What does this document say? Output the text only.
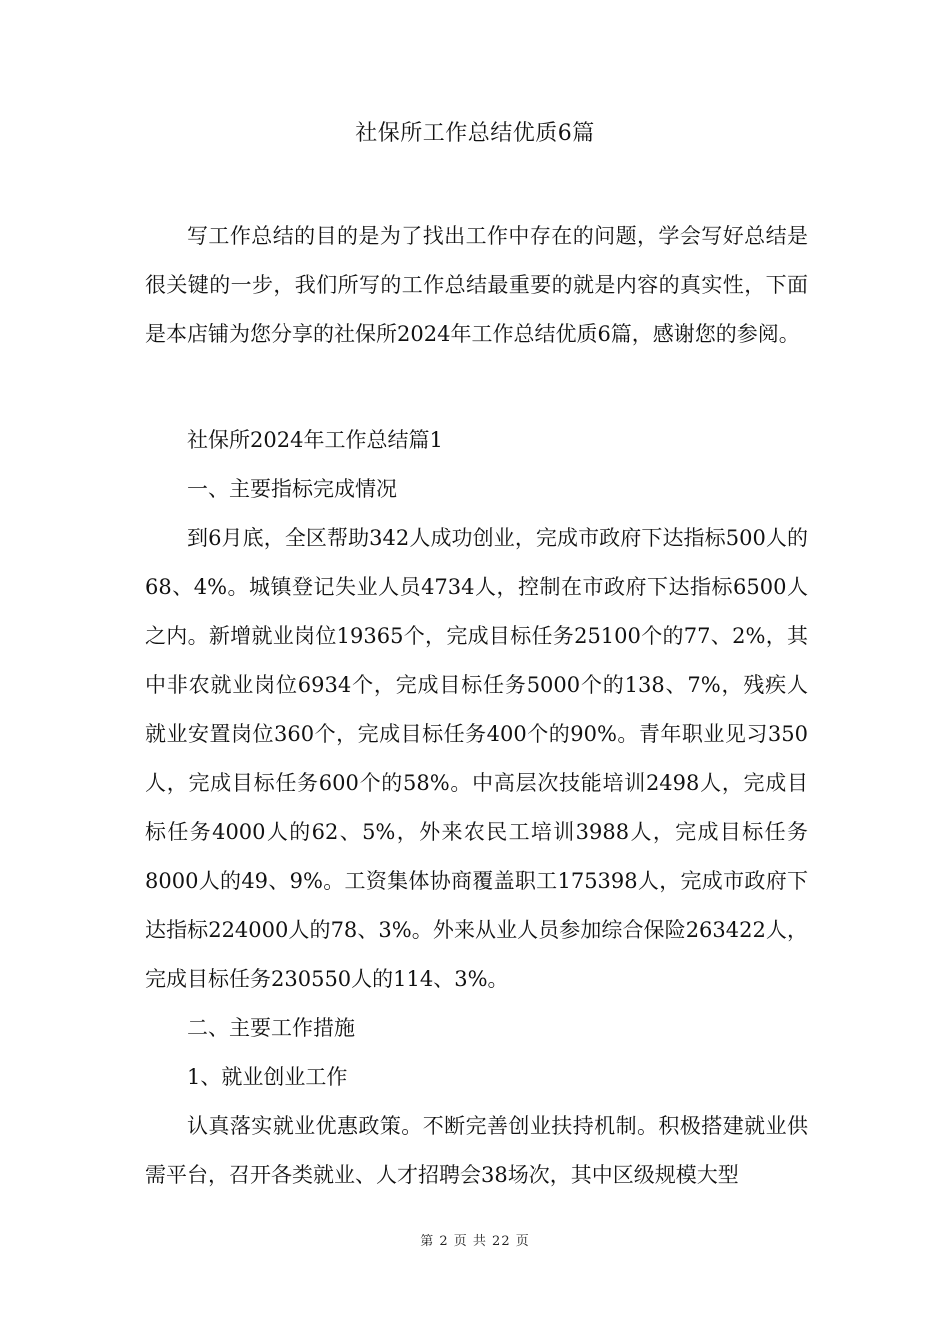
社保所工作总结优质6篇

写工作总结的目的是为了找出工作中存在的问题，学会写好总结是很关键的一步，我们所写的工作总结最重要的就是内容的真实性，下面是本店铺为您分享的社保所2024年工作总结优质6篇，感谢您的参阅。

社保所2024年工作总结篇1

一、主要指标完成情况

到6月底，全区帮助342人成功创业，完成市政府下达指标500人的68、4%。城镇登记失业人员4734人，控制在市政府下达指标6500人之内。新增就业岗位19365个，完成目标任务25100个的77、2%，其中非农就业岗位6934个，完成目标任务5000个的138、7%，残疾人就业安置岗位360个，完成目标任务400个的90%。青年职业见习350人，完成目标任务600个的58%。中高层次技能培训2498人，完成目标任务4000人的62、5%，外来农民工培训3988人，完成目标任务8000人的49、9%。工资集体协商覆盖职工175398人，完成市政府下达指标224000人的78、3%。外来从业人员参加综合保险263422人，完成目标任务230550人的114、3%。

二、主要工作措施

1、就业创业工作

认真落实就业优惠政策。不断完善创业扶持机制。积极搭建就业供需平台，召开各类就业、人才招聘会38场次，其中区级规模大型

第 2 页 共 22 页
